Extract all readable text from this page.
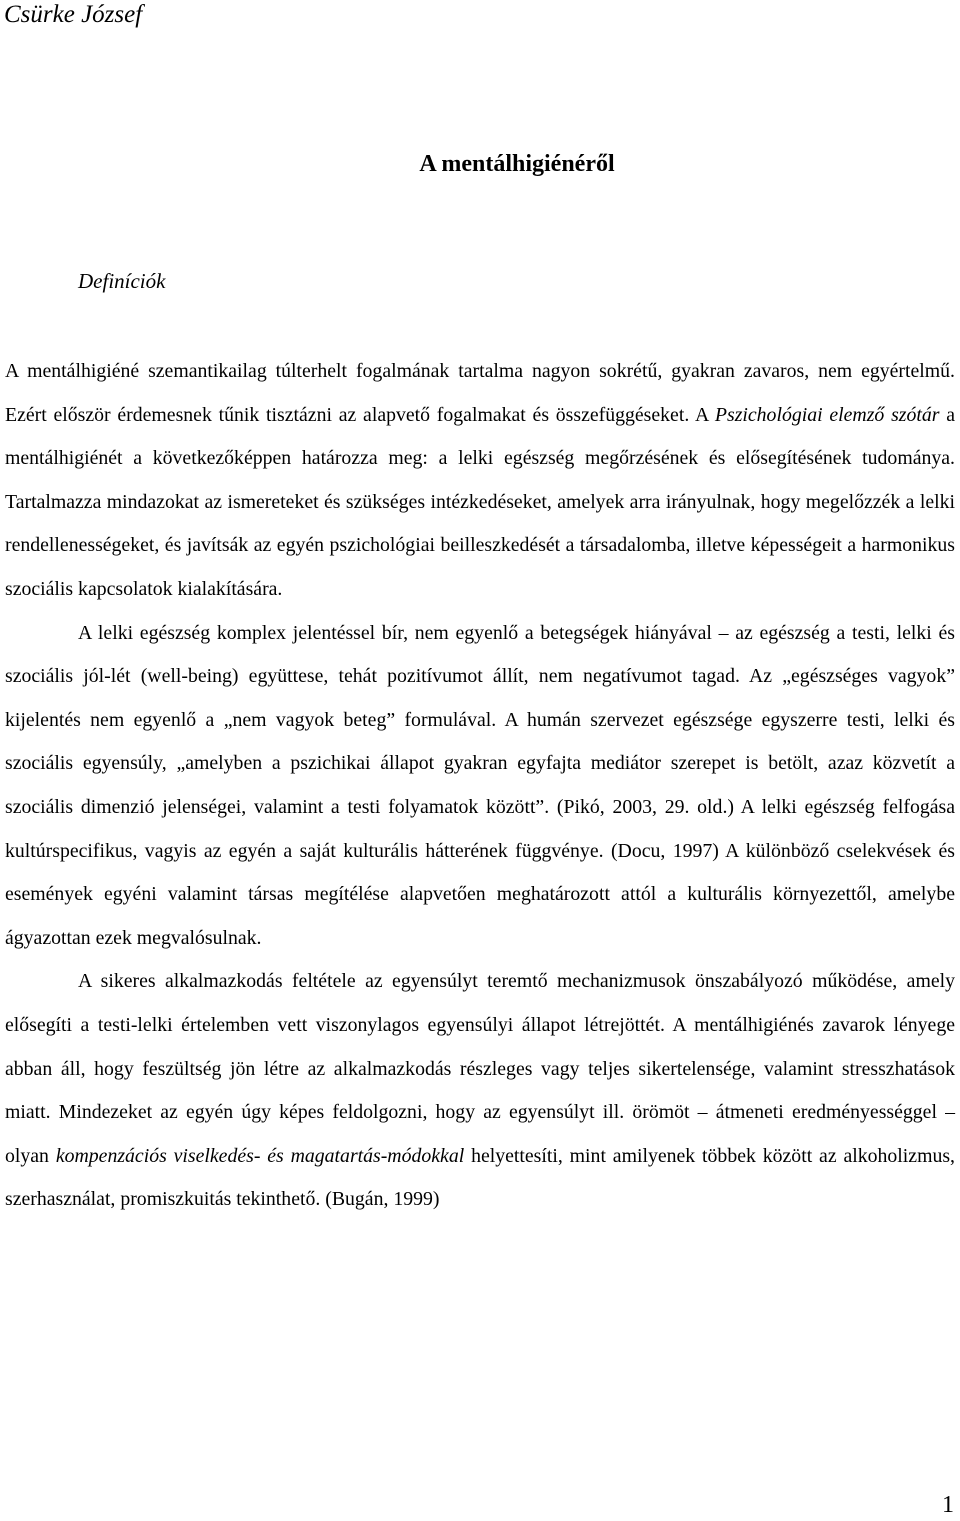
Csürke József

A mentálhigiénéről

Definíciók

A mentálhigiéné szemantikailag túlterhelt fogalmának tartalma nagyon sokrétű, gyakran zavaros, nem egyértelmű. Ezért először érdemesnek tűnik tisztázni az alapvető fogalmakat és összefüggéseket. A Pszichológiai elemző szótár a mentálhigiénét a következőképpen határozza meg: a lelki egészség megőrzésének és elősegítésének tudománya. Tartalmazza mindazokat az ismereteket és szükséges intézkedéseket, amelyek arra irányulnak, hogy megelőzzék a lelki rendellenességeket, és javítsák az egyén pszichológiai beilleszkedését a társadalomba, illetve képességeit a harmonikus szociális kapcsolatok kialakítására.

A lelki egészség komplex jelentéssel bír, nem egyenlő a betegségek hiányával – az egészség a testi, lelki és szociális jól-lét (well-being) együttese, tehát pozitívumot állít, nem negatívumot tagad. Az „egészséges vagyok” kijelentés nem egyenlő a „nem vagyok beteg” formulával. A humán szervezet egészsége egyszerre testi, lelki és szociális egyensúly, „amelyben a pszichikai állapot gyakran egyfajta mediátor szerepet is betölt, azaz közvetít a szociális dimenzió jelenségei, valamint a testi folyamatok között”. (Pikó, 2003, 29. old.) A lelki egészség felfogása kultúrspecifikus, vagyis az egyén a saját kulturális hátterének függvénye. (Docu, 1997) A különböző cselekvések és események egyéni valamint társas megítélése alapvetően meghatározott attól a kulturális környezettől, amelybe ágyazottan ezek megvalósulnak.

A sikeres alkalmazkodás feltétele az egyensúlyt teremtő mechanizmusok önszabályozó működése, amely elősegíti a testi-lelki értelemben vett viszonylagos egyensúlyi állapot létrejöttét. A mentálhigiénés zavarok lényege abban áll, hogy feszültség jön létre az alkalmazkodás részleges vagy teljes sikertelensége, valamint stresszhatások miatt. Mindezeket az egyén úgy képes feldolgozni, hogy az egyensúlyt ill. örömöt – átmeneti eredményességgel – olyan kompenzációs viselkedés- és magatartás-módokkal helyettesíti, mint amilyenek többek között az alkoholizmus, szerhasználat, promiszkuitás tekinthető. (Bugán, 1999)

1
